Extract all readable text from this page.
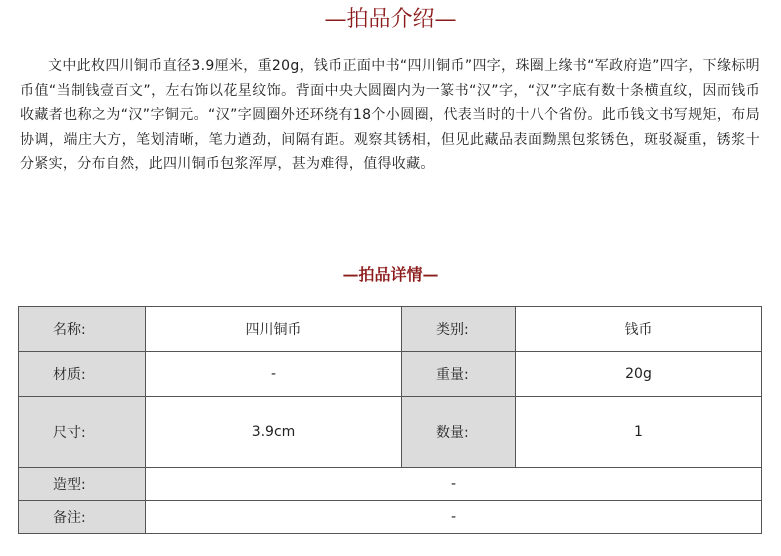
—拍品介绍—

文中此枚四川铜币直径3.9厘米，重20g，钱币正面中书“四川铜币”四字，珠圈上缘书“军政府造”四字，下缘标明币值“当制钱壹百文”，左右饰以花星纹饰。背面中央大圆圈内为一篆书“汉”字，“汉”字底有数十条横直纹，因而钱币收藏者也称之为“汉”字铜元。“汉”字圆圈外还环绕有18个小圆圈，代表当时的十八个省份。此币钱文书写规矩，布局协调，端庄大方，笔划清晰，笔力遒劲，间隔有距。观察其锈相，但见此藏品表面黝黑包浆锈色，斑驳凝重，锈浆十分紧实，分布自然，此四川铜币包浆浑厚，甚为难得，值得收藏。

—拍品详情—
名称:	四川铜币	类别:	钱币
材质:	-	重量:	20g
尺寸:	3.9cm	数量:	1
造型:	-		
备注:	-		
